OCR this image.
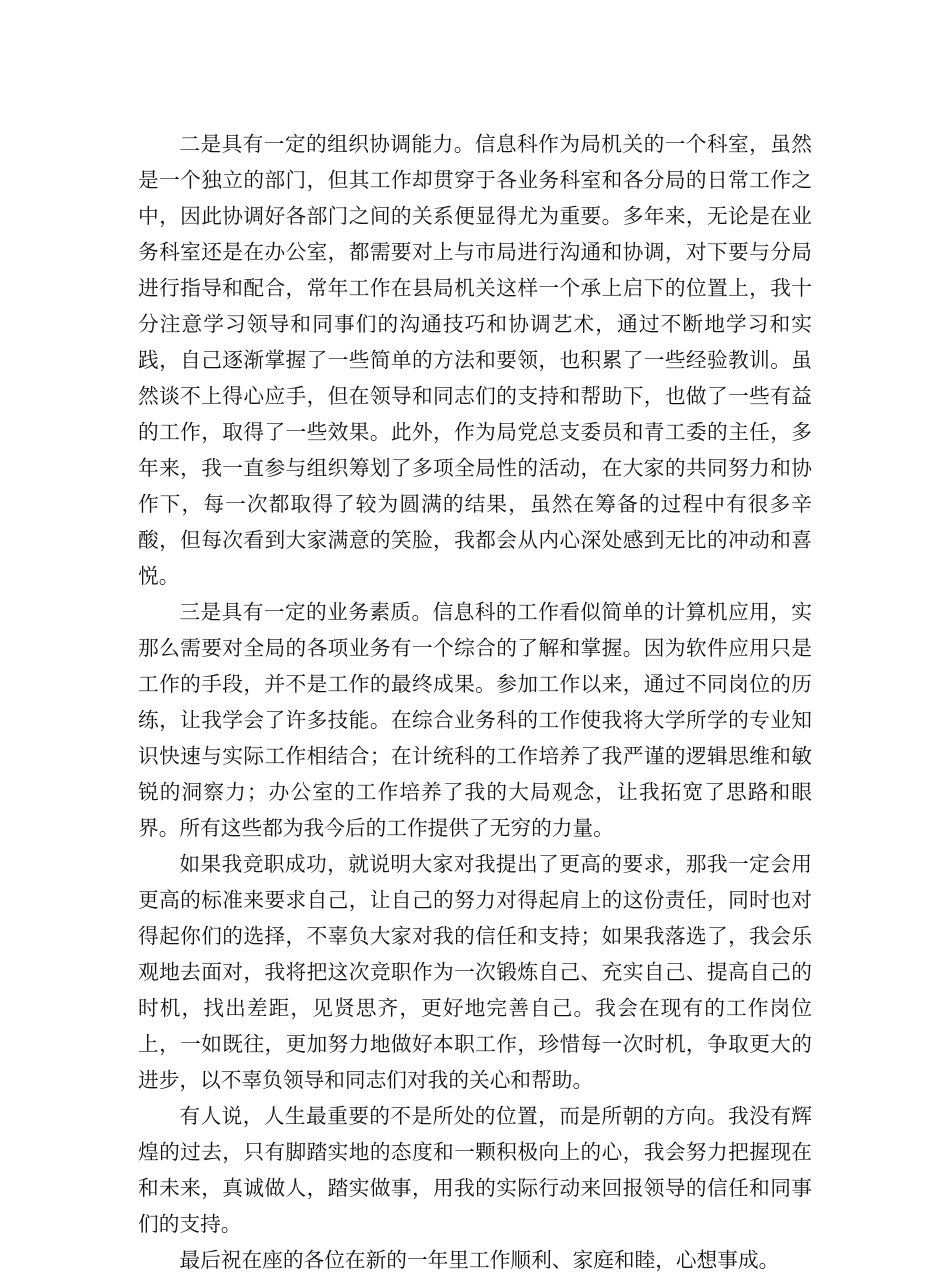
二是具有一定的组织协调能力。信息科作为局机关的一个科室，虽然是一个独立的部门，但其工作却贯穿于各业务科室和各分局的日常工作之中，因此协调好各部门之间的关系便显得尤为重要。多年来，无论是在业务科室还是在办公室，都需要对上与市局进行沟通和协调，对下要与分局进行指导和配合，常年工作在县局机关这样一个承上启下的位置上，我十分注意学习领导和同事们的沟通技巧和协调艺术，通过不断地学习和实践，自己逐渐掌握了一些简单的方法和要领，也积累了一些经验教训。虽然谈不上得心应手，但在领导和同志们的支持和帮助下，也做了一些有益的工作，取得了一些效果。此外，作为局党总支委员和青工委的主任，多年来，我一直参与组织筹划了多项全局性的活动，在大家的共同努力和协作下，每一次都取得了较为圆满的结果，虽然在筹备的过程中有很多辛酸，但每次看到大家满意的笑脸，我都会从内心深处感到无比的冲动和喜悦。

三是具有一定的业务素质。信息科的工作看似简单的计算机应用，实那么需要对全局的各项业务有一个综合的了解和掌握。因为软件应用只是工作的手段，并不是工作的最终成果。参加工作以来，通过不同岗位的历练，让我学会了许多技能。在综合业务科的工作使我将大学所学的专业知识快速与实际工作相结合；在计统科的工作培养了我严谨的逻辑思维和敏锐的洞察力；办公室的工作培养了我的大局观念，让我拓宽了思路和眼界。所有这些都为我今后的工作提供了无穷的力量。

如果我竞职成功，就说明大家对我提出了更高的要求，那我一定会用更高的标准来要求自己，让自己的努力对得起肩上的这份责任，同时也对得起你们的选择，不辜负大家对我的信任和支持；如果我落选了，我会乐观地去面对，我将把这次竞职作为一次锻炼自己、充实自己、提高自己的时机，找出差距，见贤思齐，更好地完善自己。我会在现有的工作岗位上，一如既往，更加努力地做好本职工作，珍惜每一次时机，争取更大的进步，以不辜负领导和同志们对我的关心和帮助。

有人说，人生最重要的不是所处的位置，而是所朝的方向。我没有辉煌的过去，只有脚踏实地的态度和一颗积极向上的心，我会努力把握现在和未来，真诚做人，踏实做事，用我的实际行动来回报领导的信任和同事们的支持。

最后祝在座的各位在新的一年里工作顺利、家庭和睦，心想事成。
